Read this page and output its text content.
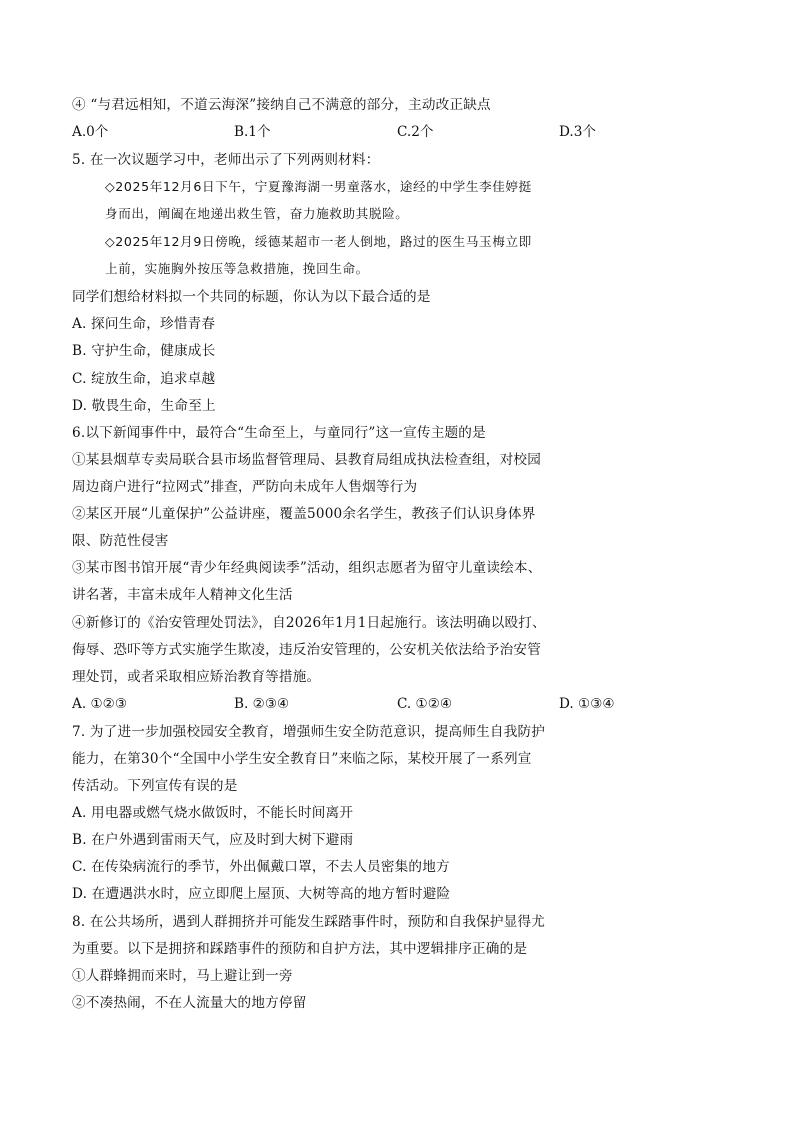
④ “与君远相知，不道云海深”接纳自己不满意的部分，主动改正缺点
A.0个	B.1个	C.2个	D.3个
5. 在一次议题学习中，老师出示了下列两则材料：
◇2025年12月6日下午，宁夏豫海湖一男童落水，途经的中学生李佳婷挺
身而出，阐阖在地递出救生管，奋力施救助其脱险。
◇2025年12月9日傍晚，绥德某超市一老人倒地，路过的医生马玉梅立即
上前，实施胸外按压等急救措施，挽回生命。
同学们想给材料拟一个共同的标题，你认为以下最合适的是
A. 探问生命，珍惜青春
B. 守护生命，健康成长
C. 绽放生命，追求卓越
D. 敬畏生命，生命至上
6.以下新闻事件中，最符合“生命至上，与童同行”这一宣传主题的是
①某县烟草专卖局联合县市场监督管理局、县教育局组成执法检查组，对校园
周边商户进行“拉网式”排查，严防向未成年人售烟等行为
②某区开展“儿童保护”公益讲座，覆盖5000余名学生，教孩子们认识身体界
限、防范性侵害
③某市图书馆开展“青少年经典阅读季”活动，组织志愿者为留守儿童读绘本、
讲名著，丰富未成年人精神文化生活
④新修订的《治安管理处罚法》，自2026年1月1日起施行。该法明确以殴打、
侮辱、恐吓等方式实施学生欺凌，违反治安管理的，公安机关依法给予治安管
理处罚，或者采取相应矫治教育等措施。
A. ①②③	B. ②③④	C. ①②④	D. ①③④
7. 为了进一步加强校园安全教育，增强师生安全防范意识，提高师生自我防护
能力，在第30个“全国中小学生安全教育日”来临之际，某校开展了一系列宣
传活动。下列宣传有误的是
A. 用电器或燃气烧水做饭时，不能长时间离开
B. 在户外遇到雷雨天气，应及时到大树下避雨
C. 在传染病流行的季节，外出佩戴口罩，不去人员密集的地方
D. 在遭遇洪水时，应立即爬上屋顶、大树等高的地方暂时避险
8. 在公共场所，遇到人群拥挤并可能发生踩踏事件时，预防和自我保护显得尤
为重要。以下是拥挤和踩踏事件的预防和自护方法，其中逻辑排序正确的是
①人群蜂拥而来时，马上避让到一旁
②不凑热闹，不在人流量大的地方停留
